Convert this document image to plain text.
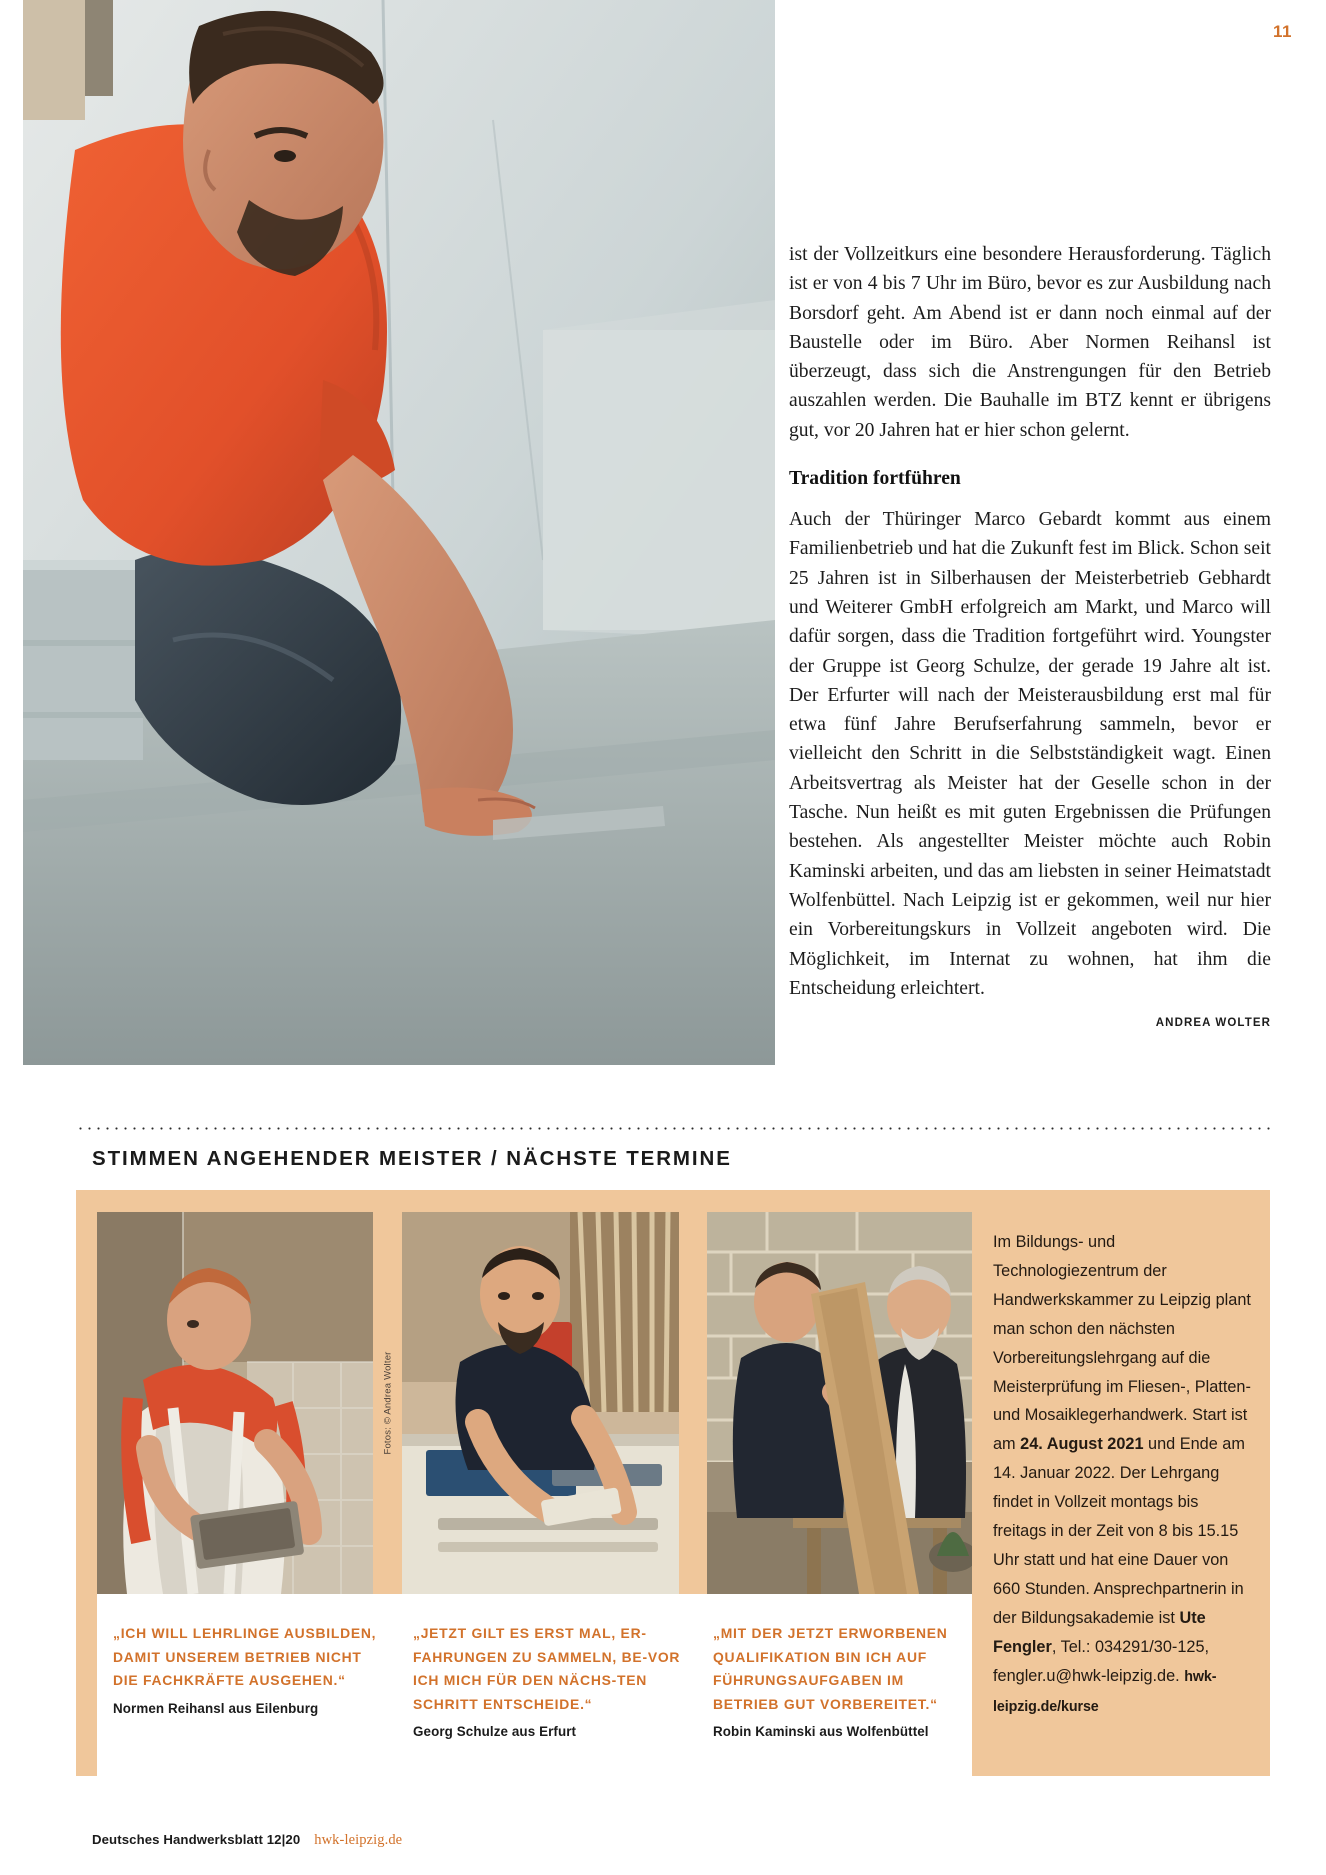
11

ist der Vollzeitkurs eine besondere Herausforderung. Täglich ist er von 4 bis 7 Uhr im Büro, bevor es zur Ausbildung nach Borsdorf geht. Am Abend ist er dann noch einmal auf der Baustelle oder im Büro. Aber Normen Reihansl ist überzeugt, dass sich die Anstrengungen für den Betrieb auszahlen werden. Die Bauhalle im BTZ kennt er übrigens gut, vor 20 Jahren hat er hier schon gelernt.

Tradition fortführen

Auch der Thüringer Marco Gebardt kommt aus einem Familienbetrieb und hat die Zukunft fest im Blick. Schon seit 25 Jahren ist in Silberhausen der Meisterbetrieb Gebhardt und Weiterer GmbH erfolgreich am Markt, und Marco will dafür sorgen, dass die Tradition fortgeführt wird. Youngster der Gruppe ist Georg Schulze, der gerade 19 Jahre alt ist. Der Erfurter will nach der Meisterausbildung erst mal für etwa fünf Jahre Berufserfahrung sammeln, bevor er vielleicht den Schritt in die Selbstständigkeit wagt. Einen Arbeitsvertrag als Meister hat der Geselle schon in der Tasche. Nun heißt es mit guten Ergebnissen die Prüfungen bestehen. Als angestellter Meister möchte auch Robin Kaminski arbeiten, und das am liebsten in seiner Heimatstadt Wolfenbüttel. Nach Leipzig ist er gekommen, weil nur hier ein Vorbereitungskurs in Vollzeit angeboten wird. Die Möglichkeit, im Internat zu wohnen, hat ihm die Entscheidung erleichtert.

ANDREA WOLTER
STIMMEN ANGEHENDER MEISTER / NÄCHSTE TERMINE
Fotos: © Andrea Wolter

„ICH WILL LEHRLINGE AUSBILDEN, DAMIT UNSEREM BETRIEB NICHT DIE FACHKRÄFTE AUSGEHEN.“

Normen Reihansl aus Eilenburg

„JETZT GILT ES ERST MAL, ER-FAHRUNGEN ZU SAMMELN, BE-VOR ICH MICH FÜR DEN NÄCHS-TEN SCHRITT ENTSCHEIDE.“

Georg Schulze aus Erfurt

„MIT DER JETZT ERWORBENEN QUALIFIKATION BIN ICH AUF FÜHRUNGSAUFGABEN IM BETRIEB GUT VORBEREITET.“

Robin Kaminski aus Wolfenbüttel

Im Bildungs- und Technologiezentrum der Handwerkskammer zu Leipzig plant man schon den nächsten Vorbereitungslehrgang auf die Meisterprüfung im Fliesen-, Platten- und Mosaiklegerhandwerk. Start ist am 24. August 2021 und Ende am 14. Januar 2022. Der Lehrgang findet in Vollzeit montags bis freitags in der Zeit von 8 bis 15.15 Uhr statt und hat eine Dauer von 660 Stunden. Ansprechpartnerin in der Bildungsakademie ist Ute Fengler, Tel.: 034291/30-125, fengler.u@hwk-leipzig.de. hwk-leipzig.de/kurse
Deutsches Handwerksblatt 12|20 hwk-leipzig.de
